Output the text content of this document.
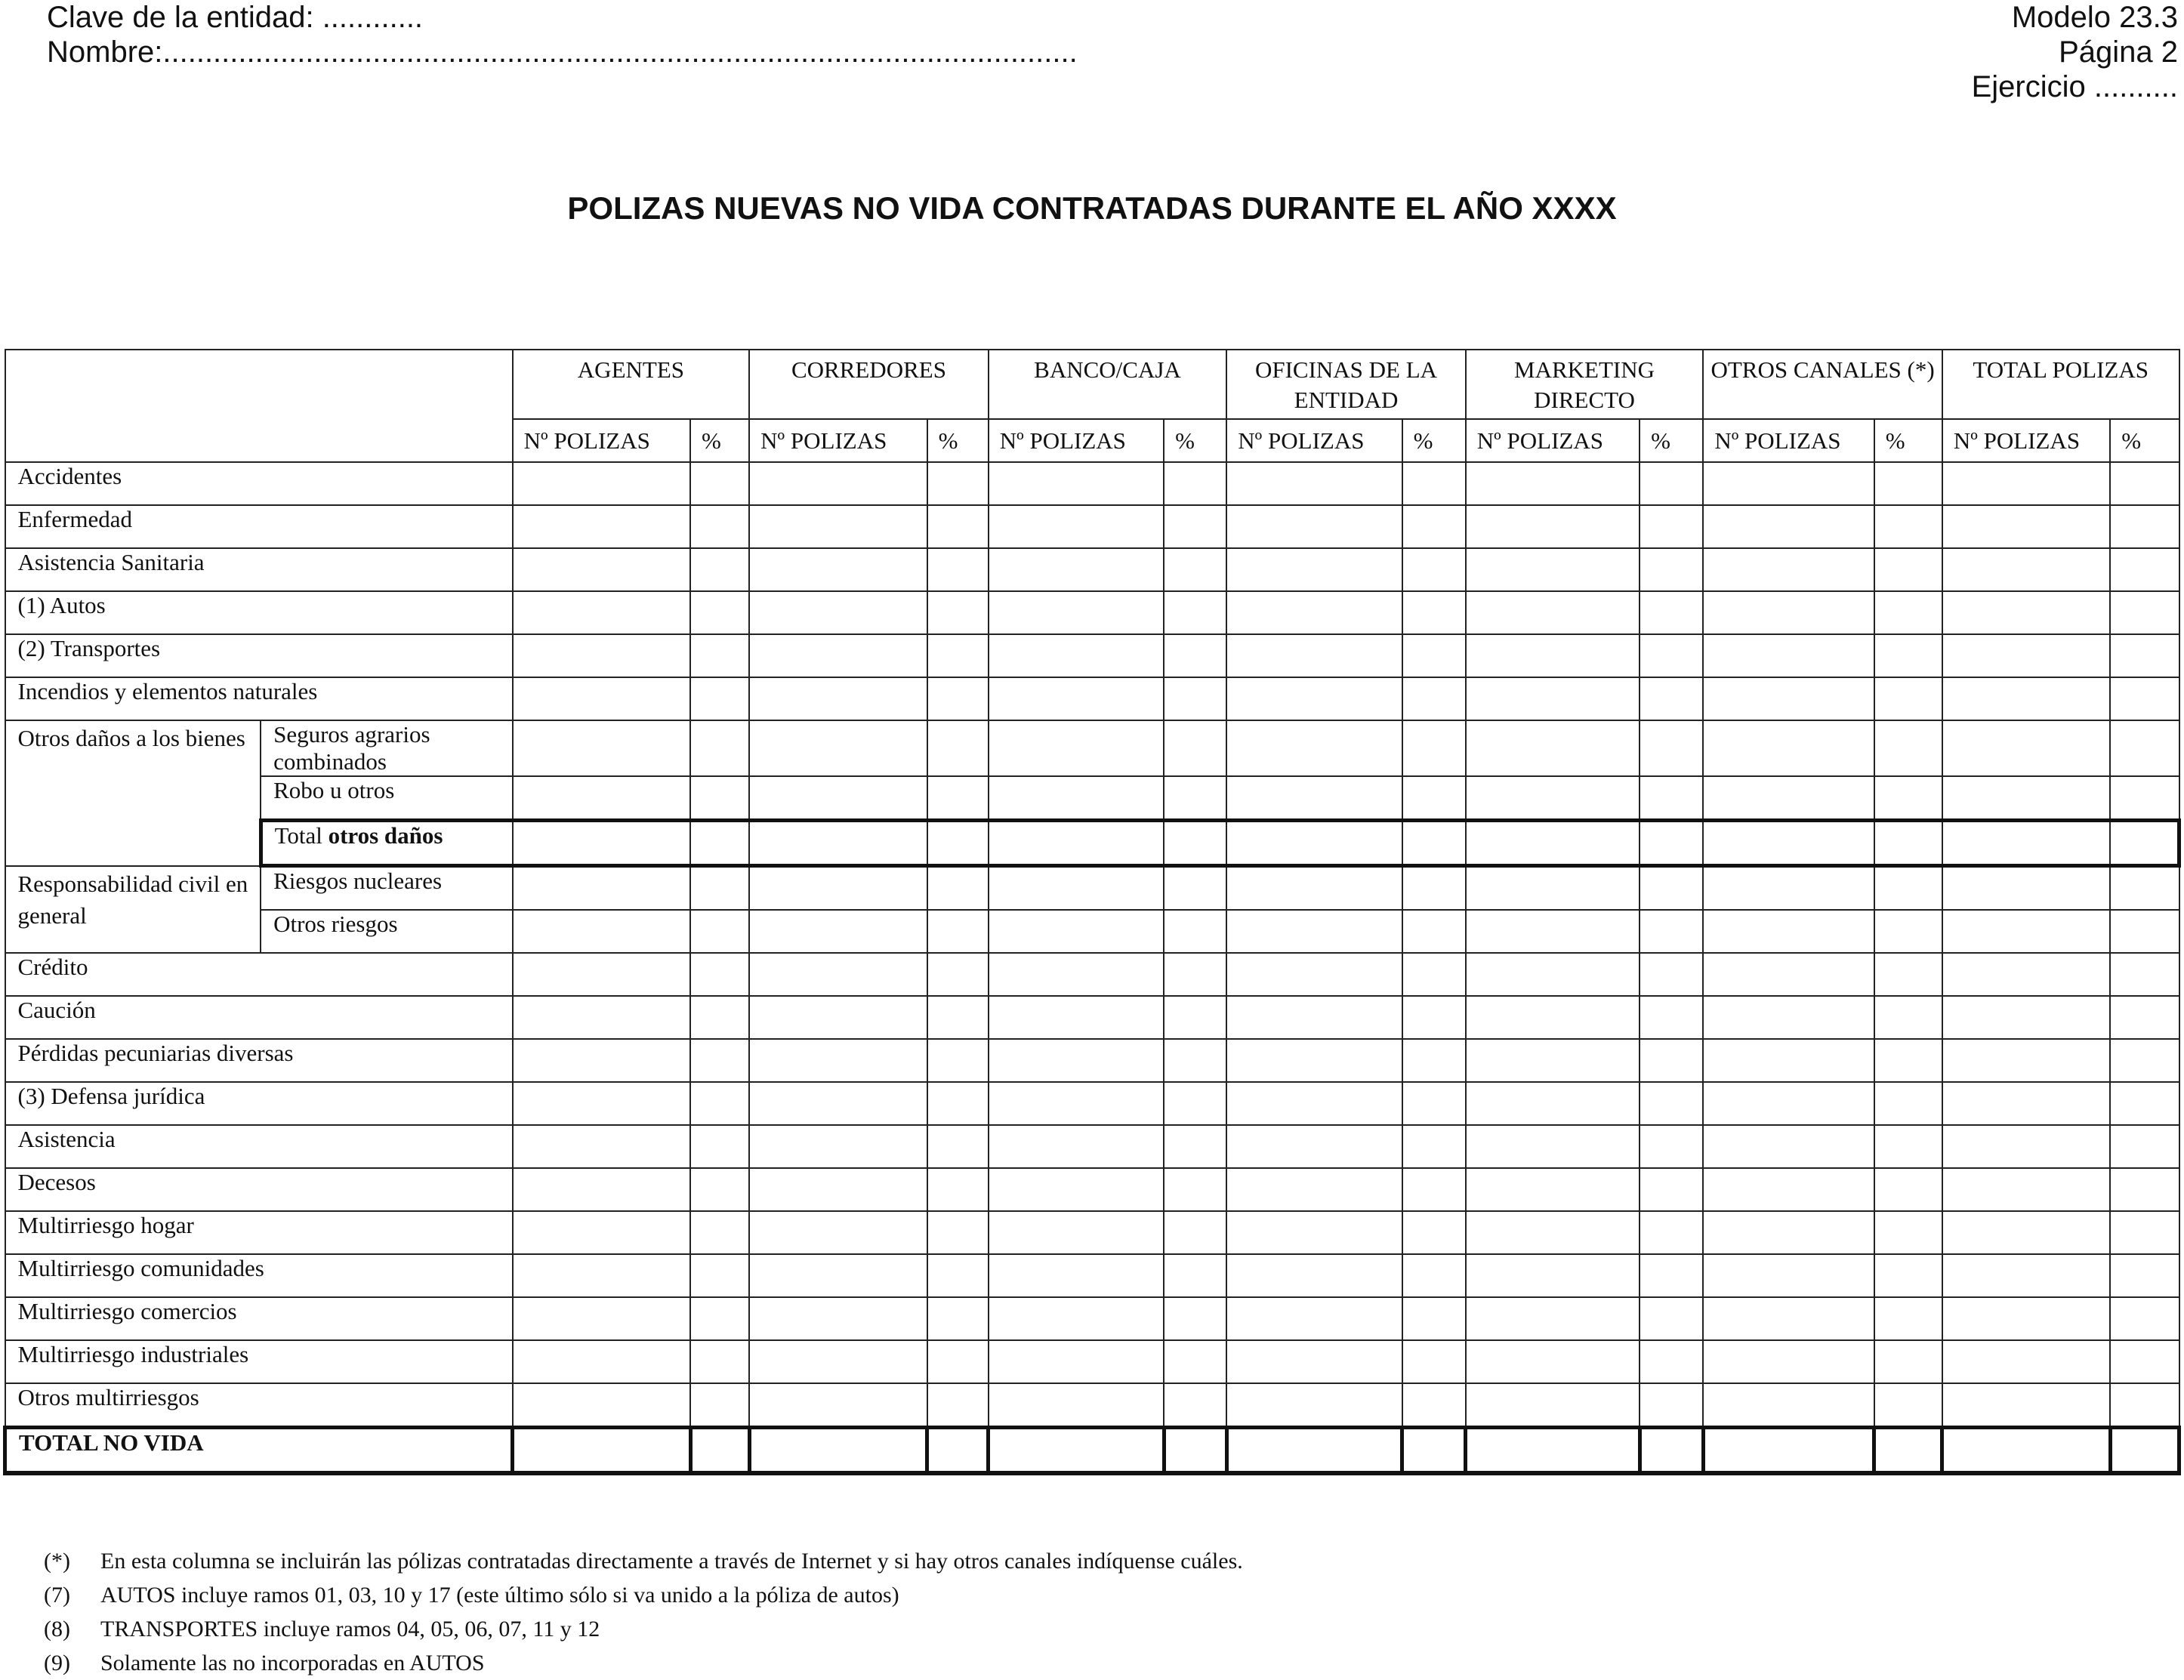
Clave de la entidad: ............
Nombre:.............................................................................................................
Modelo 23.3
Página 2
Ejercicio ..........
POLIZAS NUEVAS NO VIDA CONTRATADAS DURANTE EL AÑO XXXX
		AGENTES		CORREDORES		BANCO/CAJA		OFICINAS DE LA ENTIDAD		MARKETING DIRECTO		OTROS CANALES (*)		TOTAL POLIZAS	
		Nº POLIZAS	%	Nº POLIZAS	%	Nº POLIZAS	%	Nº POLIZAS	%	Nº POLIZAS	%	Nº POLIZAS	%	Nº POLIZAS	%
Accidentes															
Enfermedad															
Asistencia Sanitaria															
(1) Autos															
(2) Transportes															
Incendios y elementos naturales															
Otros daños a los bienes	Seguros agrarios combinados														
	Robo u otros														
	Total otros daños														
Responsabilidad civil en general	Riesgos nucleares														
	Otros riesgos														
Crédito															
Caución															
Pérdidas pecuniarias diversas															
(3) Defensa jurídica															
Asistencia															
Decesos															
Multirriesgo hogar															
Multirriesgo comunidades															
Multirriesgo comercios															
Multirriesgo industriales															
Otros multirriesgos															
TOTAL NO VIDA															
(*)	En esta columna se incluirán las pólizas contratadas directamente a través de Internet y si hay otros canales indíquense cuáles.
(7)	AUTOS incluye ramos 01, 03, 10 y 17 (este último sólo si va unido a la póliza de autos)
(8)	TRANSPORTES incluye ramos 04, 05, 06, 07, 11 y 12
(9)	Solamente las no incorporadas en AUTOS
